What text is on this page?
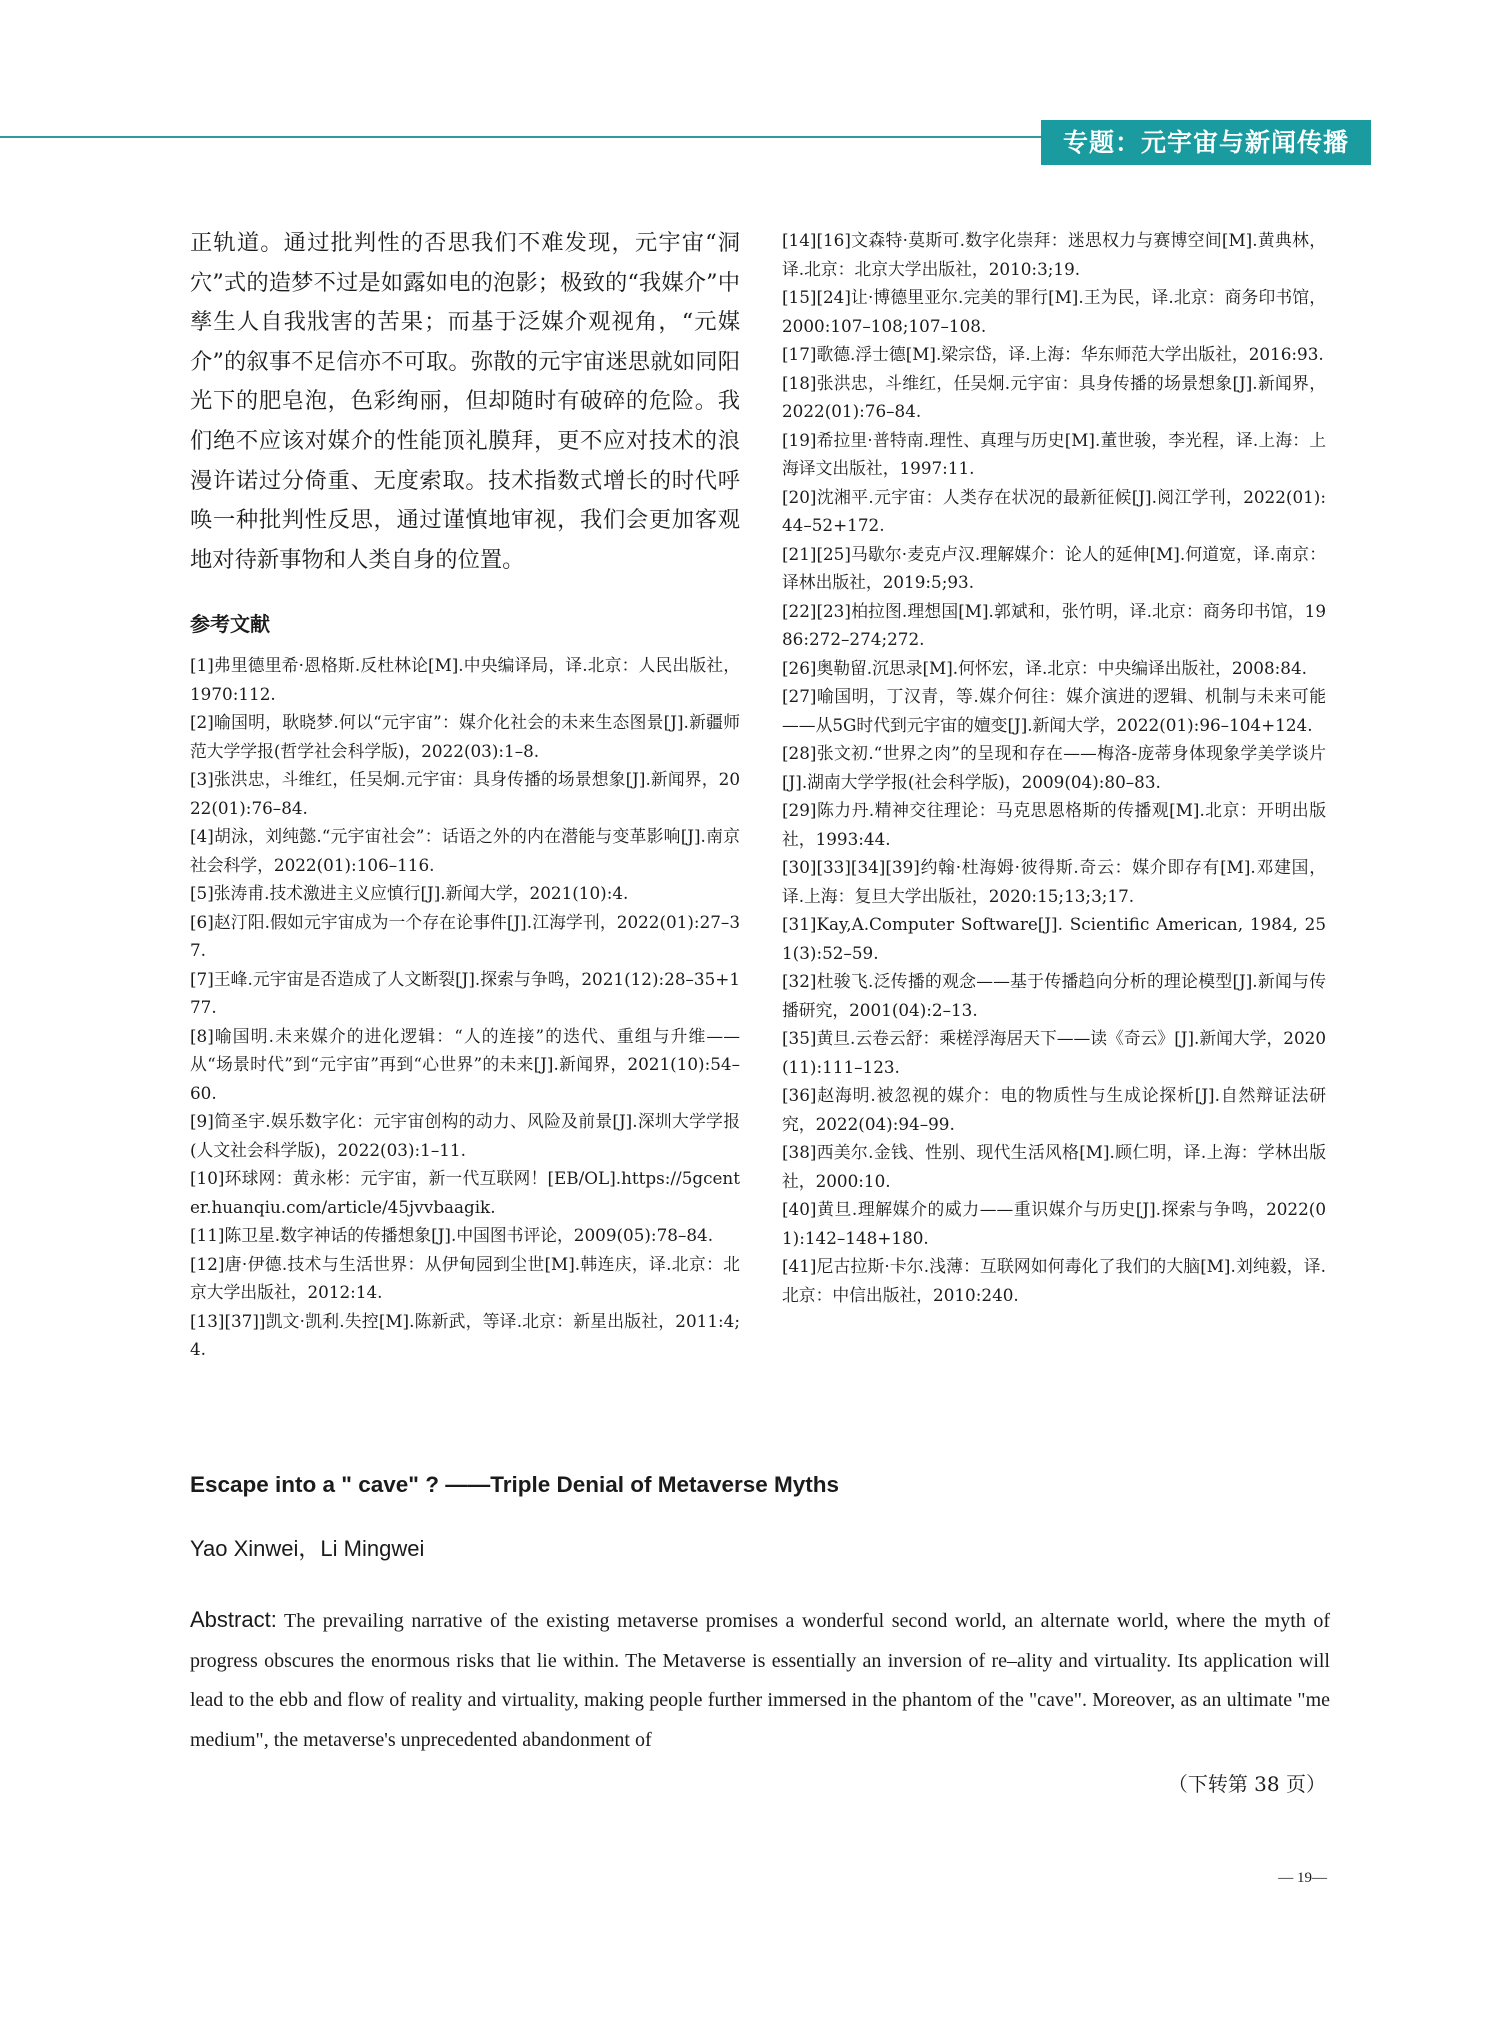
专题：元宇宙与新闻传播

正轨道。通过批判性的否思我们不难发现，元宇宙“洞穴”式的造梦不过是如露如电的泡影；极致的“我媒介”中孳生人自我戕害的苦果；而基于泛媒介观视角，“元媒介”的叙事不足信亦不可取。弥散的元宇宙迷思就如同阳光下的肥皂泡，色彩绚丽，但却随时有破碎的危险。我们绝不应该对媒介的性能顶礼膜拜，更不应对技术的浪漫许诺过分倚重、无度索取。技术指数式增长的时代呼唤一种批判性反思，通过谨慎地审视，我们会更加客观地对待新事物和人类自身的位置。

参考文献
[1]弗里德里希·恩格斯.反杜林论[M].中央编译局，译.北京：人民出版社，1970:112.
[2]喻国明，耿晓梦.何以“元宇宙”：媒介化社会的未来生态图景[J].新疆师范大学学报(哲学社会科学版)，2022(03):1–8.
[3]张洪忠，斗维红，任吴炯.元宇宙：具身传播的场景想象[J].新闻界，2022(01):76–84.
[4]胡泳，刘纯懿.“元宇宙社会”：话语之外的内在潜能与变革影响[J].南京社会科学，2022(01):106–116.
[5]张涛甫.技术激进主义应慎行[J].新闻大学，2021(10):4.
[6]赵汀阳.假如元宇宙成为一个存在论事件[J].江海学刊，2022(01):27–37.
[7]王峰.元宇宙是否造成了人文断裂[J].探索与争鸣，2021(12):28–35+177.
[8]喻国明.未来媒介的进化逻辑：“人的连接”的迭代、重组与升维——从“场景时代”到“元宇宙”再到“心世界”的未来[J].新闻界，2021(10):54–60.
[9]简圣宇.娱乐数字化：元宇宙创构的动力、风险及前景[J].深圳大学学报(人文社会科学版)，2022(03):1–11.
[10]环球网：黄永彬：元宇宙，新一代互联网！[EB/OL].https://5gcenter.huanqiu.com/article/45jvvbaagik.
[11]陈卫星.数字神话的传播想象[J].中国图书评论，2009(05):78–84.
[12]唐·伊德.技术与生活世界：从伊甸园到尘世[M].韩连庆，译.北京：北京大学出版社，2012:14.
[13][37]]凯文·凯利.失控[M].陈新武，等译.北京：新星出版社，2011:4;4.
[14][16]文森特·莫斯可.数字化崇拜：迷思权力与赛博空间[M].黄典林，译.北京：北京大学出版社，2010:3;19.
[15][24]让·博德里亚尔.完美的罪行[M].王为民，译.北京：商务印书馆，2000:107–108;107–108.
[17]歌德.浮士德[M].梁宗岱，译.上海：华东师范大学出版社，2016:93.
[18]张洪忠，斗维红，任吴炯.元宇宙：具身传播的场景想象[J].新闻界，2022(01):76–84.
[19]希拉里·普特南.理性、真理与历史[M].董世骏，李光程，译.上海：上海译文出版社，1997:11.
[20]沈湘平.元宇宙：人类存在状况的最新征候[J].阅江学刊，2022(01):44–52+172.
[21][25]马歇尔·麦克卢汉.理解媒介：论人的延伸[M].何道宽，译.南京：译林出版社，2019:5;93.
[22][23]柏拉图.理想国[M].郭斌和，张竹明，译.北京：商务印书馆，1986:272–274;272.
[26]奥勒留.沉思录[M].何怀宏，译.北京：中央编译出版社，2008:84.
[27]喻国明，丁汉青，等.媒介何往：媒介演进的逻辑、机制与未来可能——从5G时代到元宇宙的嬗变[J].新闻大学，2022(01):96–104+124.
[28]张文初.“世界之肉”的呈现和存在——梅洛-庞蒂身体现象学美学谈片[J].湖南大学学报(社会科学版)，2009(04):80–83.
[29]陈力丹.精神交往理论：马克思恩格斯的传播观[M].北京：开明出版社，1993:44.
[30][33][34][39]约翰·杜海姆·彼得斯.奇云：媒介即存有[M].邓建国，译.上海：复旦大学出版社，2020:15;13;3;17.
[31]Kay,A.Computer Software[J]. Scientific American, 1984, 251(3):52–59.
[32]杜骏飞.泛传播的观念——基于传播趋向分析的理论模型[J].新闻与传播研究，2001(04):2–13.
[35]黄旦.云卷云舒：乘槎浮海居天下——读《奇云》[J].新闻大学，2020(11):111–123.
[36]赵海明.被忽视的媒介：电的物质性与生成论探析[J].自然辩证法研究，2022(04):94–99.
[38]西美尔.金钱、性别、现代生活风格[M].顾仁明，译.上海：学林出版社，2000:10.
[40]黄旦.理解媒介的威力——重识媒介与历史[J].探索与争鸣，2022(01):142–148+180.
[41]尼古拉斯·卡尔.浅薄：互联网如何毒化了我们的大脑[M].刘纯毅，译.北京：中信出版社，2010:240.

Escape into a " cave" ? ——Triple Denial of Metaverse Myths

Yao Xinwei，Li Mingwei

Abstract: The prevailing narrative of the existing metaverse promises a wonderful second world, an alternate world, where the myth of progress obscures the enormous risks that lie within. The Metaverse is essentially an inversion of re–ality and virtuality. Its application will lead to the ebb and flow of reality and virtuality, making people further immersed in the phantom of the "cave". Moreover, as an ultimate "me medium", the metaverse's unprecedented abandonment of

（下转第 38 页）
— 19—
